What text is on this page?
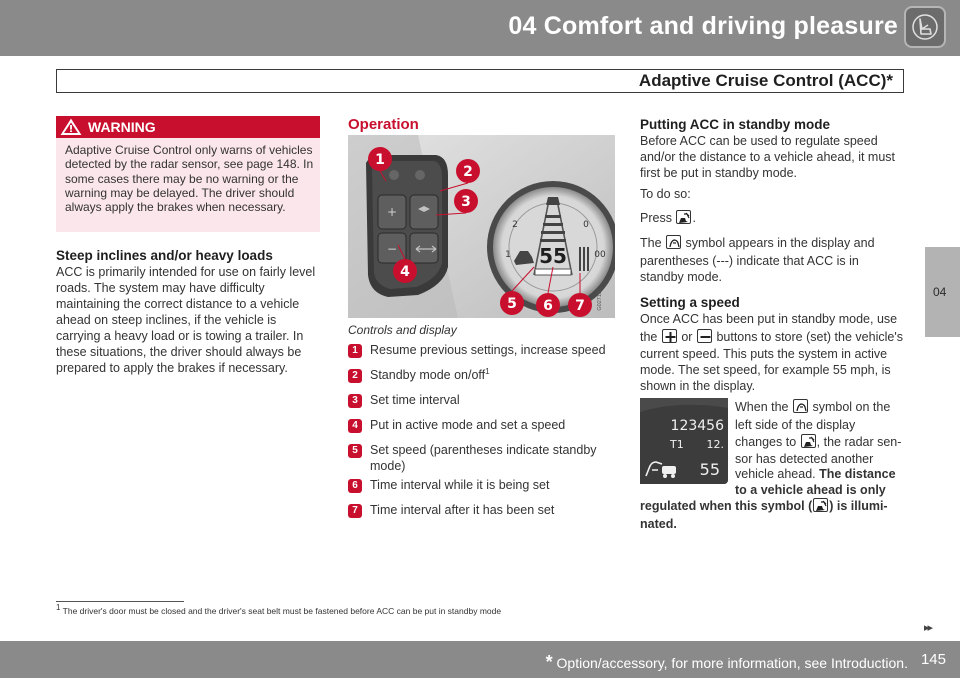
04 Comfort and driving pleasure
Adaptive Cruise Control (ACC)*
04
WARNING
Adaptive Cruise Control only warns of vehicles detected by the radar sensor, see page 148. In some cases there may be no warning or the warning may be delayed. The driver should always apply the brakes when necessary.
Steep inclines and/or heavy loads
ACC is primarily intended for use on fairly level roads. The system may have difficulty maintaining the correct distance to a vehicle ahead on steep inclines, if the vehicle is carrying a heavy load or is towing a trailer. In these situations, the driver should always be prepared to apply the brakes if necessary.
Operation
+
−	1
2	0
00
55
1
2
3
4
5 6 7 G027133
Controls and display
1 Resume previous settings, increase speed
2 Standby mode on/off$^1$
3 Set time interval
4 Put in active mode and set a speed
5 Set speed (parentheses indicate standby mode)
6 Time interval while it is being set
7 Time interval after it has been set
Putting ACC in standby mode
Before ACC can be used to regulate speed and/or the distance to a vehicle ahead, it must first be put in standby mode.
To do so:
Press .
The symbol appears in the display and
parentheses (---) indicate that ACC is in
standby mode.
Setting a speed
Once ACC has been put in standby mode, use
the or buttons to store (set) the vehicle's
current speed. This puts the system in active
mode. The set speed, for example 55 mph, is
shown in the display.
123456
T1 12.
55
When the symbol on the
left side of the display
changes to , the radar sen-
sor has detected another
vehicle ahead. The distance
to a vehicle ahead is only
regulated when this symbol ( ) is illumi-
nated.
$^1$ The driver's door must be closed and the driver's seat belt must be fastened before ACC can be put in standby mode
▸▸
* Option/accessory, for more information, see Introduction. 145
